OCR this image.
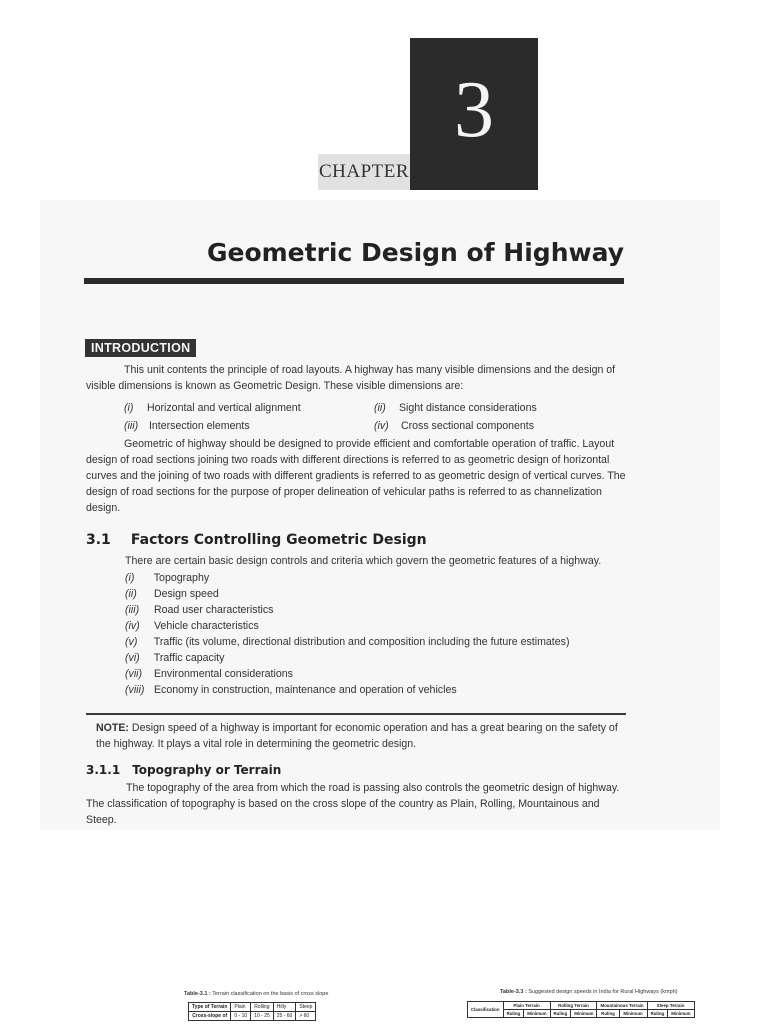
3
CHAPTER
Geometric Design of Highway
INTRODUCTION
This unit contents the principle of road layouts. A highway has many visible dimensions and the design of visible dimensions is known as Geometric Design. These visible dimensions are:
(i) Horizontal and vertical alignment	(ii) Sight distance considerations
(iii) Intersection elements	(iv) Cross sectional components
Geometric of highway should be designed to provide efficient and comfortable operation of traffic. Layout design of road sections joining two roads with different directions is referred to as geometric design of horizontal curves and the joining of two roads with different gradients is referred to as geometric design of vertical curves. The design of road sections for the purpose of proper delineation of vehicular paths is referred to as channelization design.
3.1 Factors Controlling Geometric Design
There are certain basic design controls and criteria which govern the geometric features of a highway.
(i) Topography
(ii) Design speed
(iii) Road user characteristics
(iv) Vehicle characteristics
(v) Traffic (its volume, directional distribution and composition including the future estimates)
(vi) Traffic capacity
(vii) Environmental considerations
(viii) Economy in construction, maintenance and operation of vehicles
NOTE: Design speed of a highway is important for economic operation and has a great bearing on the safety of the highway. It plays a vital role in determining the geometric design.
3.1.1 Topography or Terrain
The topography of the area from which the road is passing also controls the geometric design of highway. The classification of topography is based on the cross slope of the country as Plain, Rolling, Mountainous and Steep.
Table-3.1 : Terrain classification on the basis of cross slope
Type of Terrain	Plain	Rolling	Hilly	Steep
Cross-slope of	0 - 10	10 - 25	25 - 60	> 60
Table-3.3 : Suggested design speeds in India for Rural Highways (kmph)
Classification	Plain Terrain		Rolling Terrain		Mountainous Terrain		Steep Terrain	
	Ruling	Minimum	Ruling	Minimum	Ruling	Minimum	Ruling	Minimum
